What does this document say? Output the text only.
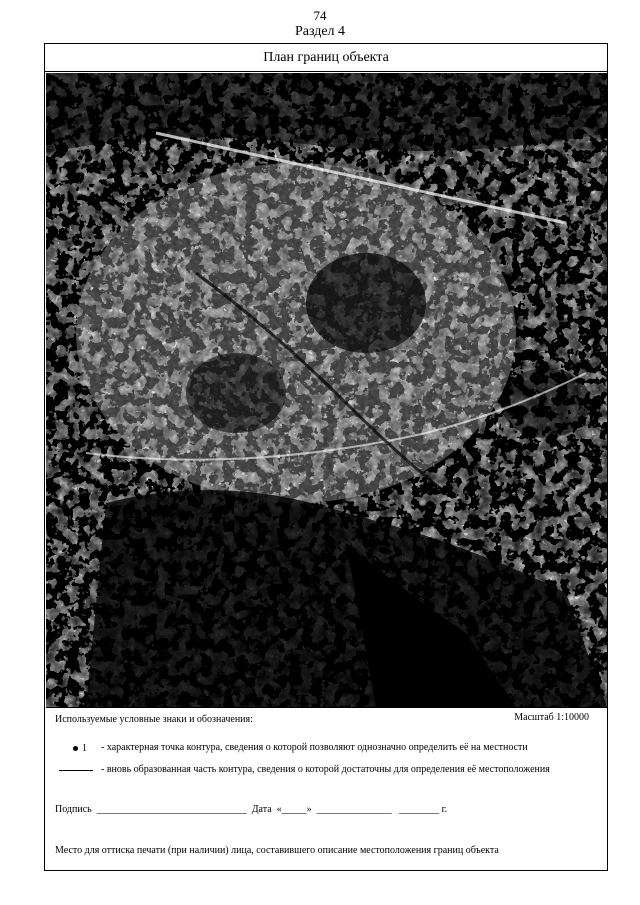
74
Раздел 4
План границ объекта
Используемые условные знаки и обозначения:	Масштаб 1:10000
1 - характерная точка контура, сведения о которой позволяют однозначно определить её на местности
- вновь образованная часть контура, сведения о которой достаточны для определения её местоположения
Подпись  ______________________________  Дата  «_____»  _______________   ________ г.
Место для оттиска печати (при наличии) лица, составившего описание местоположения границ объекта
